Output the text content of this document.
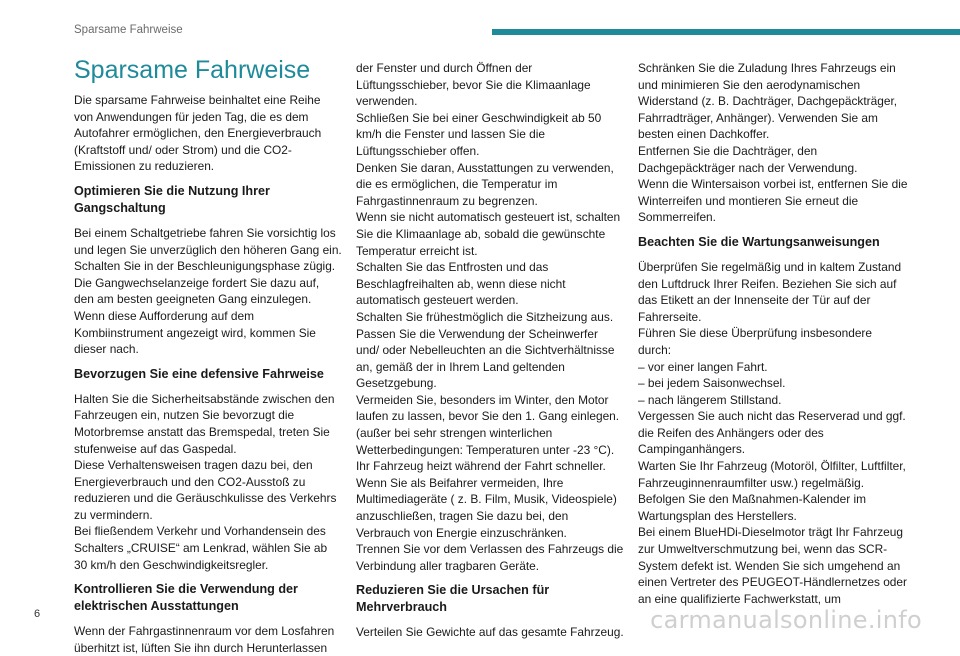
Sparsame Fahrweise
Sparsame Fahrweise

Die sparsame Fahrweise beinhaltet eine Reihe von Anwendungen für jeden Tag, die es dem Autofahrer ermöglichen, den Energieverbrauch (Kraftstoff und/ oder Strom) und die CO2-Emissionen zu reduzieren.

Optimieren Sie die Nutzung Ihrer Gangschaltung

Bei einem Schaltgetriebe fahren Sie vorsichtig los und legen Sie unverzüglich den höheren Gang ein. Schalten Sie in der Beschleunigungsphase zügig. Die Gangwechselanzeige fordert Sie dazu auf, den am besten geeigneten Gang einzulegen. Wenn diese Aufforderung auf dem Kombiinstrument angezeigt wird, kommen Sie dieser nach.

Bevorzugen Sie eine defensive Fahrweise

Halten Sie die Sicherheitsabstände zwischen den Fahrzeugen ein, nutzen Sie bevorzugt die Motorbremse anstatt das Bremspedal, treten Sie stufenweise auf das Gaspedal.

Diese Verhaltensweisen tragen dazu bei, den Energieverbrauch und den CO2-Ausstoß zu reduzieren und die Geräuschkulisse des Verkehrs zu vermindern.

Bei fließendem Verkehr und Vorhandensein des Schalters „CRUISE“ am Lenkrad, wählen Sie ab 30 km/h den Geschwindigkeitsregler.

Kontrollieren Sie die Verwendung der elektrischen Ausstattungen

Wenn der Fahrgastinnenraum vor dem Losfahren überhitzt ist, lüften Sie ihn durch Herunterlassen

der Fenster und durch Öffnen der Lüftungsschieber, bevor Sie die Klimaanlage verwenden.

Schließen Sie bei einer Geschwindigkeit ab 50 km/h die Fenster und lassen Sie die Lüftungsschieber offen.

Denken Sie daran, Ausstattungen zu verwenden, die es ermöglichen, die Temperatur im Fahrgastinnenraum zu begrenzen.

Wenn sie nicht automatisch gesteuert ist, schalten Sie die Klimaanlage ab, sobald die gewünschte Temperatur erreicht ist.

Schalten Sie das Entfrosten und das Beschlagfreihalten ab, wenn diese nicht automatisch gesteuert werden.

Schalten Sie frühestmöglich die Sitzheizung aus.

Passen Sie die Verwendung der Scheinwerfer und/ oder Nebelleuchten an die Sichtverhältnisse an, gemäß der in Ihrem Land geltenden Gesetzgebung.

Vermeiden Sie, besonders im Winter, den Motor laufen zu lassen, bevor Sie den 1. Gang einlegen.(außer bei sehr strengen winterlichen Wetterbedingungen: Temperaturen unter -23 °C). Ihr Fahrzeug heizt während der Fahrt schneller.

Wenn Sie als Beifahrer vermeiden, Ihre Multimediageräte ( z. B. Film, Musik, Videospiele) anzuschließen, tragen Sie dazu bei, den Verbrauch von Energie einzuschränken.

Trennen Sie vor dem Verlassen des Fahrzeugs die Verbindung aller tragbaren Geräte.

Reduzieren Sie die Ursachen für Mehrverbrauch

Verteilen Sie Gewichte auf das gesamte Fahrzeug.

Schränken Sie die Zuladung Ihres Fahrzeugs ein und minimieren Sie den aerodynamischen Widerstand (z. B. Dachträger, Dachgepäckträger, Fahrradträger, Anhänger). Verwenden Sie am besten einen Dachkoffer.

Entfernen Sie die Dachträger, den Dachgepäckträger nach der Verwendung.

Wenn die Wintersaison vorbei ist, entfernen Sie die Winterreifen und montieren Sie erneut die Sommerreifen.

Beachten Sie die Wartungsanweisungen

Überprüfen Sie regelmäßig und in kaltem Zustand den Luftdruck Ihrer Reifen. Beziehen Sie sich auf das Etikett an der Innenseite der Tür auf der Fahrerseite.

Führen Sie diese Überprüfung insbesondere durch:

– vor einer langen Fahrt.

– bei jedem Saisonwechsel.

– nach längerem Stillstand.

Vergessen Sie auch nicht das Reserverad und ggf. die Reifen des Anhängers oder des Campinganhängers.

Warten Sie Ihr Fahrzeug (Motoröl, Ölfilter, Luftfilter, Fahrzeuginnenraumfilter usw.) regelmäßig. Befolgen Sie den Maßnahmen-Kalender im Wartungsplan des Herstellers.

Bei einem BlueHDi-Dieselmotor trägt Ihr Fahrzeug zur Umweltverschmutzung bei, wenn das SCR-System defekt ist. Wenden Sie sich umgehend an einen Vertreter des PEUGEOT-Händlernetzes oder an eine qualifizierte Fachwerkstatt, um

6	carmanualsonline.info
